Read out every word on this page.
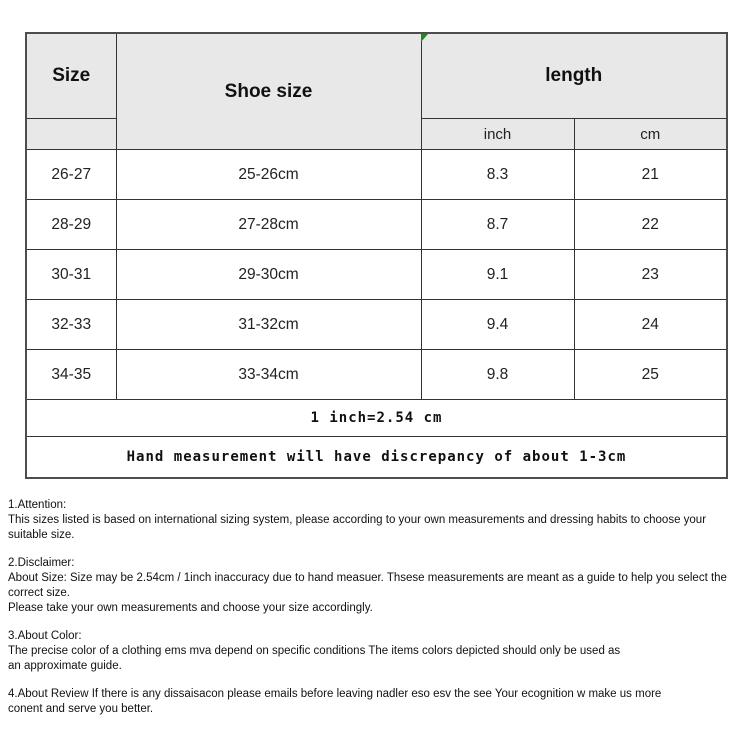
Size	Shoe size	length	
		inch	cm
26-27	25-26cm	8.3	21
28-29	27-28cm	8.7	22
30-31	29-30cm	9.1	23
32-33	31-32cm	9.4	24
34-35	33-34cm	9.8	25
1 inch=2.54 cm			
Hand measurement will have discrepancy of about 1-3cm			
1.Attention:
This sizes listed is based on international sizing system, please according to your own measurements and dressing habits to choose your suitable size.
2.Disclaimer:
About Size: Size may be 2.54cm / 1inch inaccuracy due to hand measuer. Thsese measurements are meant as a guide to help you select the correct size.
Please take your own measurements and choose your size accordingly.
3.About Color:
The precise color of a clothing ems mva depend on specific conditions The items colors depicted should only be used as
an approximate guide.
4.About Review If there is any dissaisacon please emails before leaving nadler eso esv the see Your ecognition w make us more
conent and serve you better.
